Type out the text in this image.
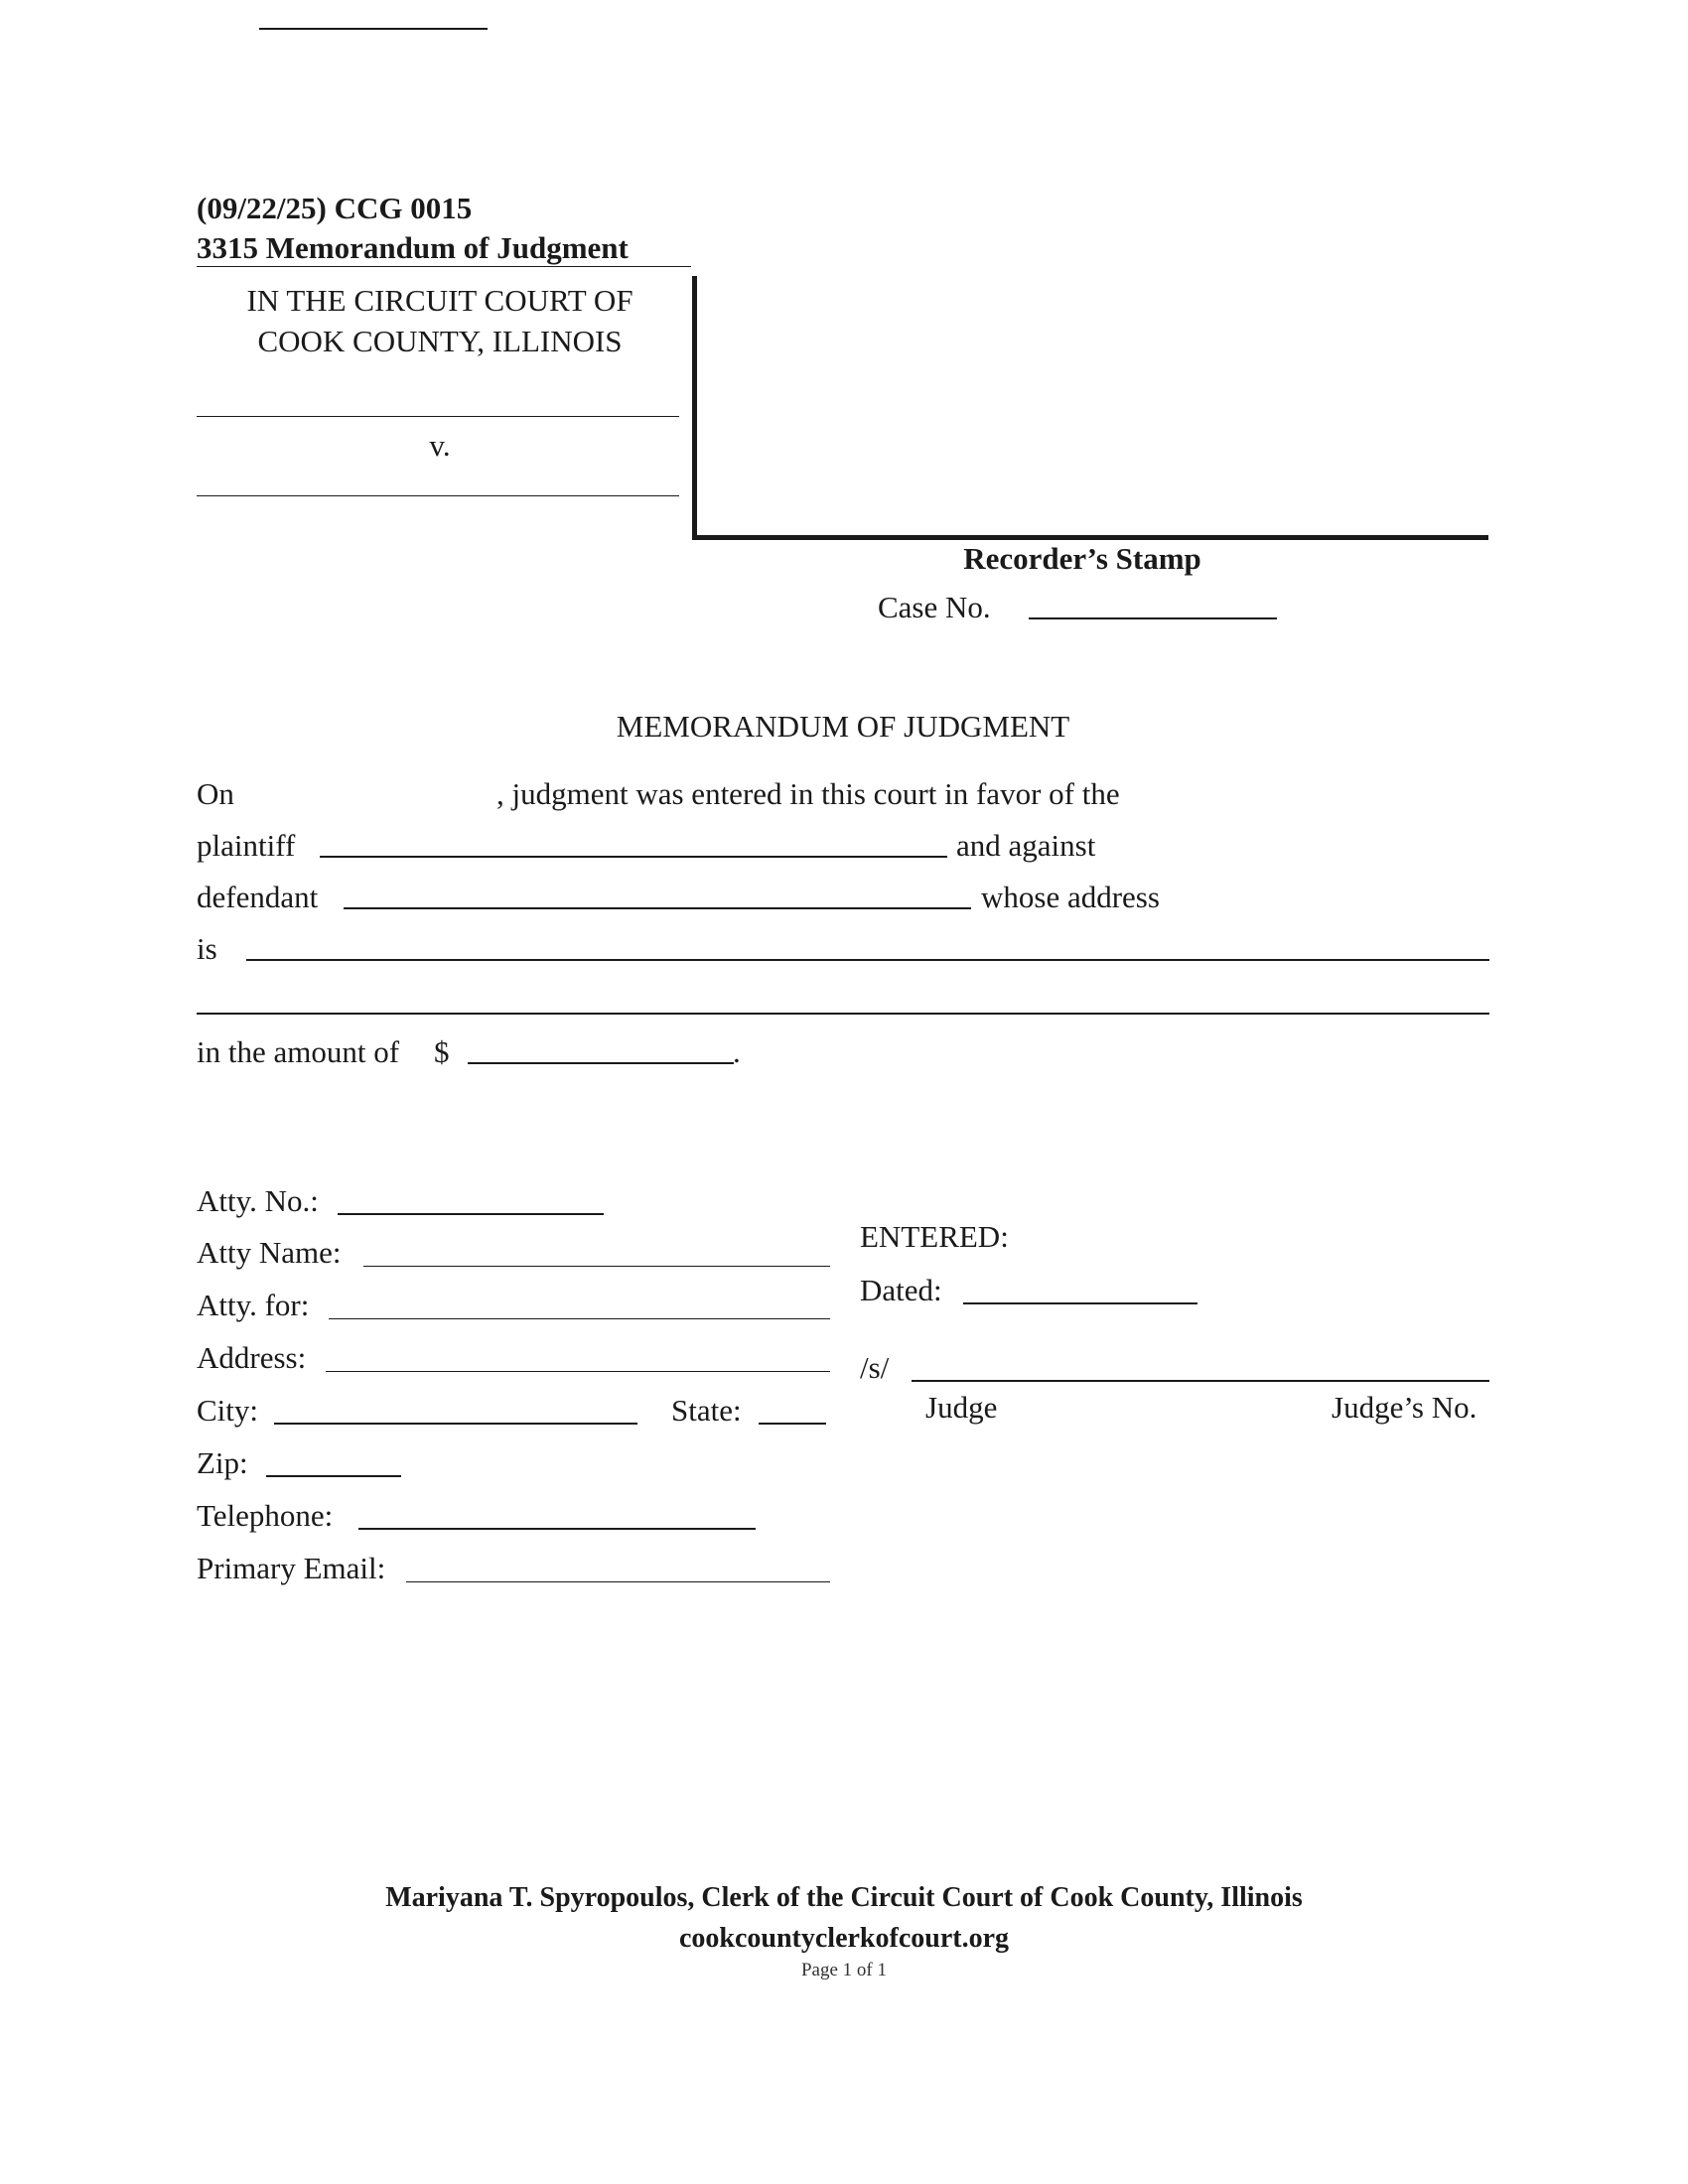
(09/22/25) CCG 0015
3315 Memorandum of Judgment
IN THE CIRCUIT COURT OF
COOK COUNTY, ILLINOIS
v.
Recorder’s Stamp
Case No.
MEMORANDUM OF JUDGMENT
On	, judgment was entered in this court in favor of the
plaintiff	and against
defendant	whose address
is
in the amount of $	.
Atty. No.:
Atty Name:
Atty. for:
Address:
City:	State:
Zip:
Telephone:
Primary Email:
ENTERED:
Dated:
/s/
Judge	Judge’s No.
Mariyana T. Spyropoulos, Clerk of the Circuit Court of Cook County, Illinois
cookcountyclerkofcourt.org
Page 1 of 1
